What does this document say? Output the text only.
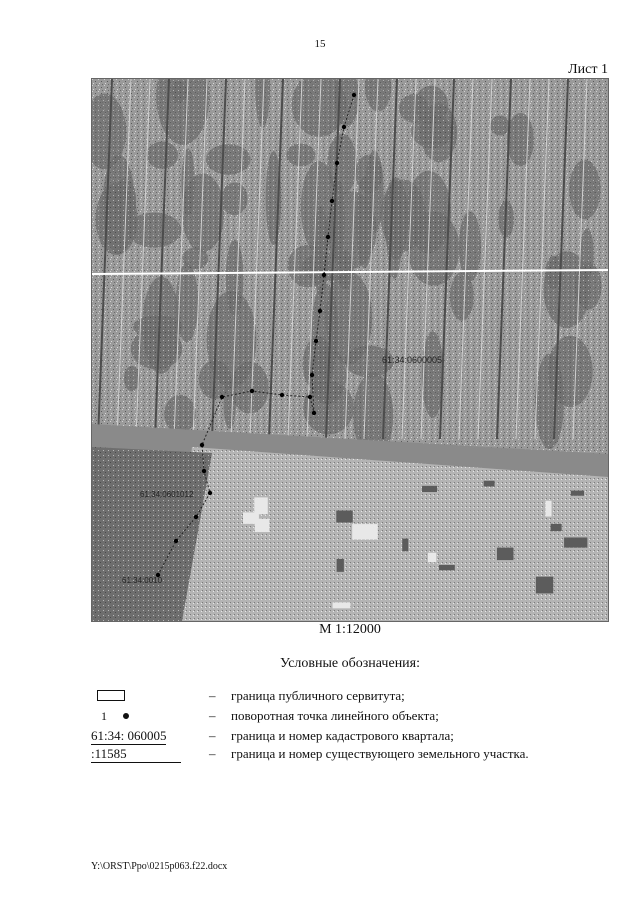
15
Лист 1
61:34:0600005
61:34:0601012
61:34:0010
М 1:12000
Условные обозначения:
– граница публичного сервитута;
1	– поворотная точка линейного объекта;
61:34: 060005	– граница и номер кадастрового квартала;
:11585	– граница и номер существующего земельного участка.
Y:\ORST\Ppo\0215p063.f22.docx
